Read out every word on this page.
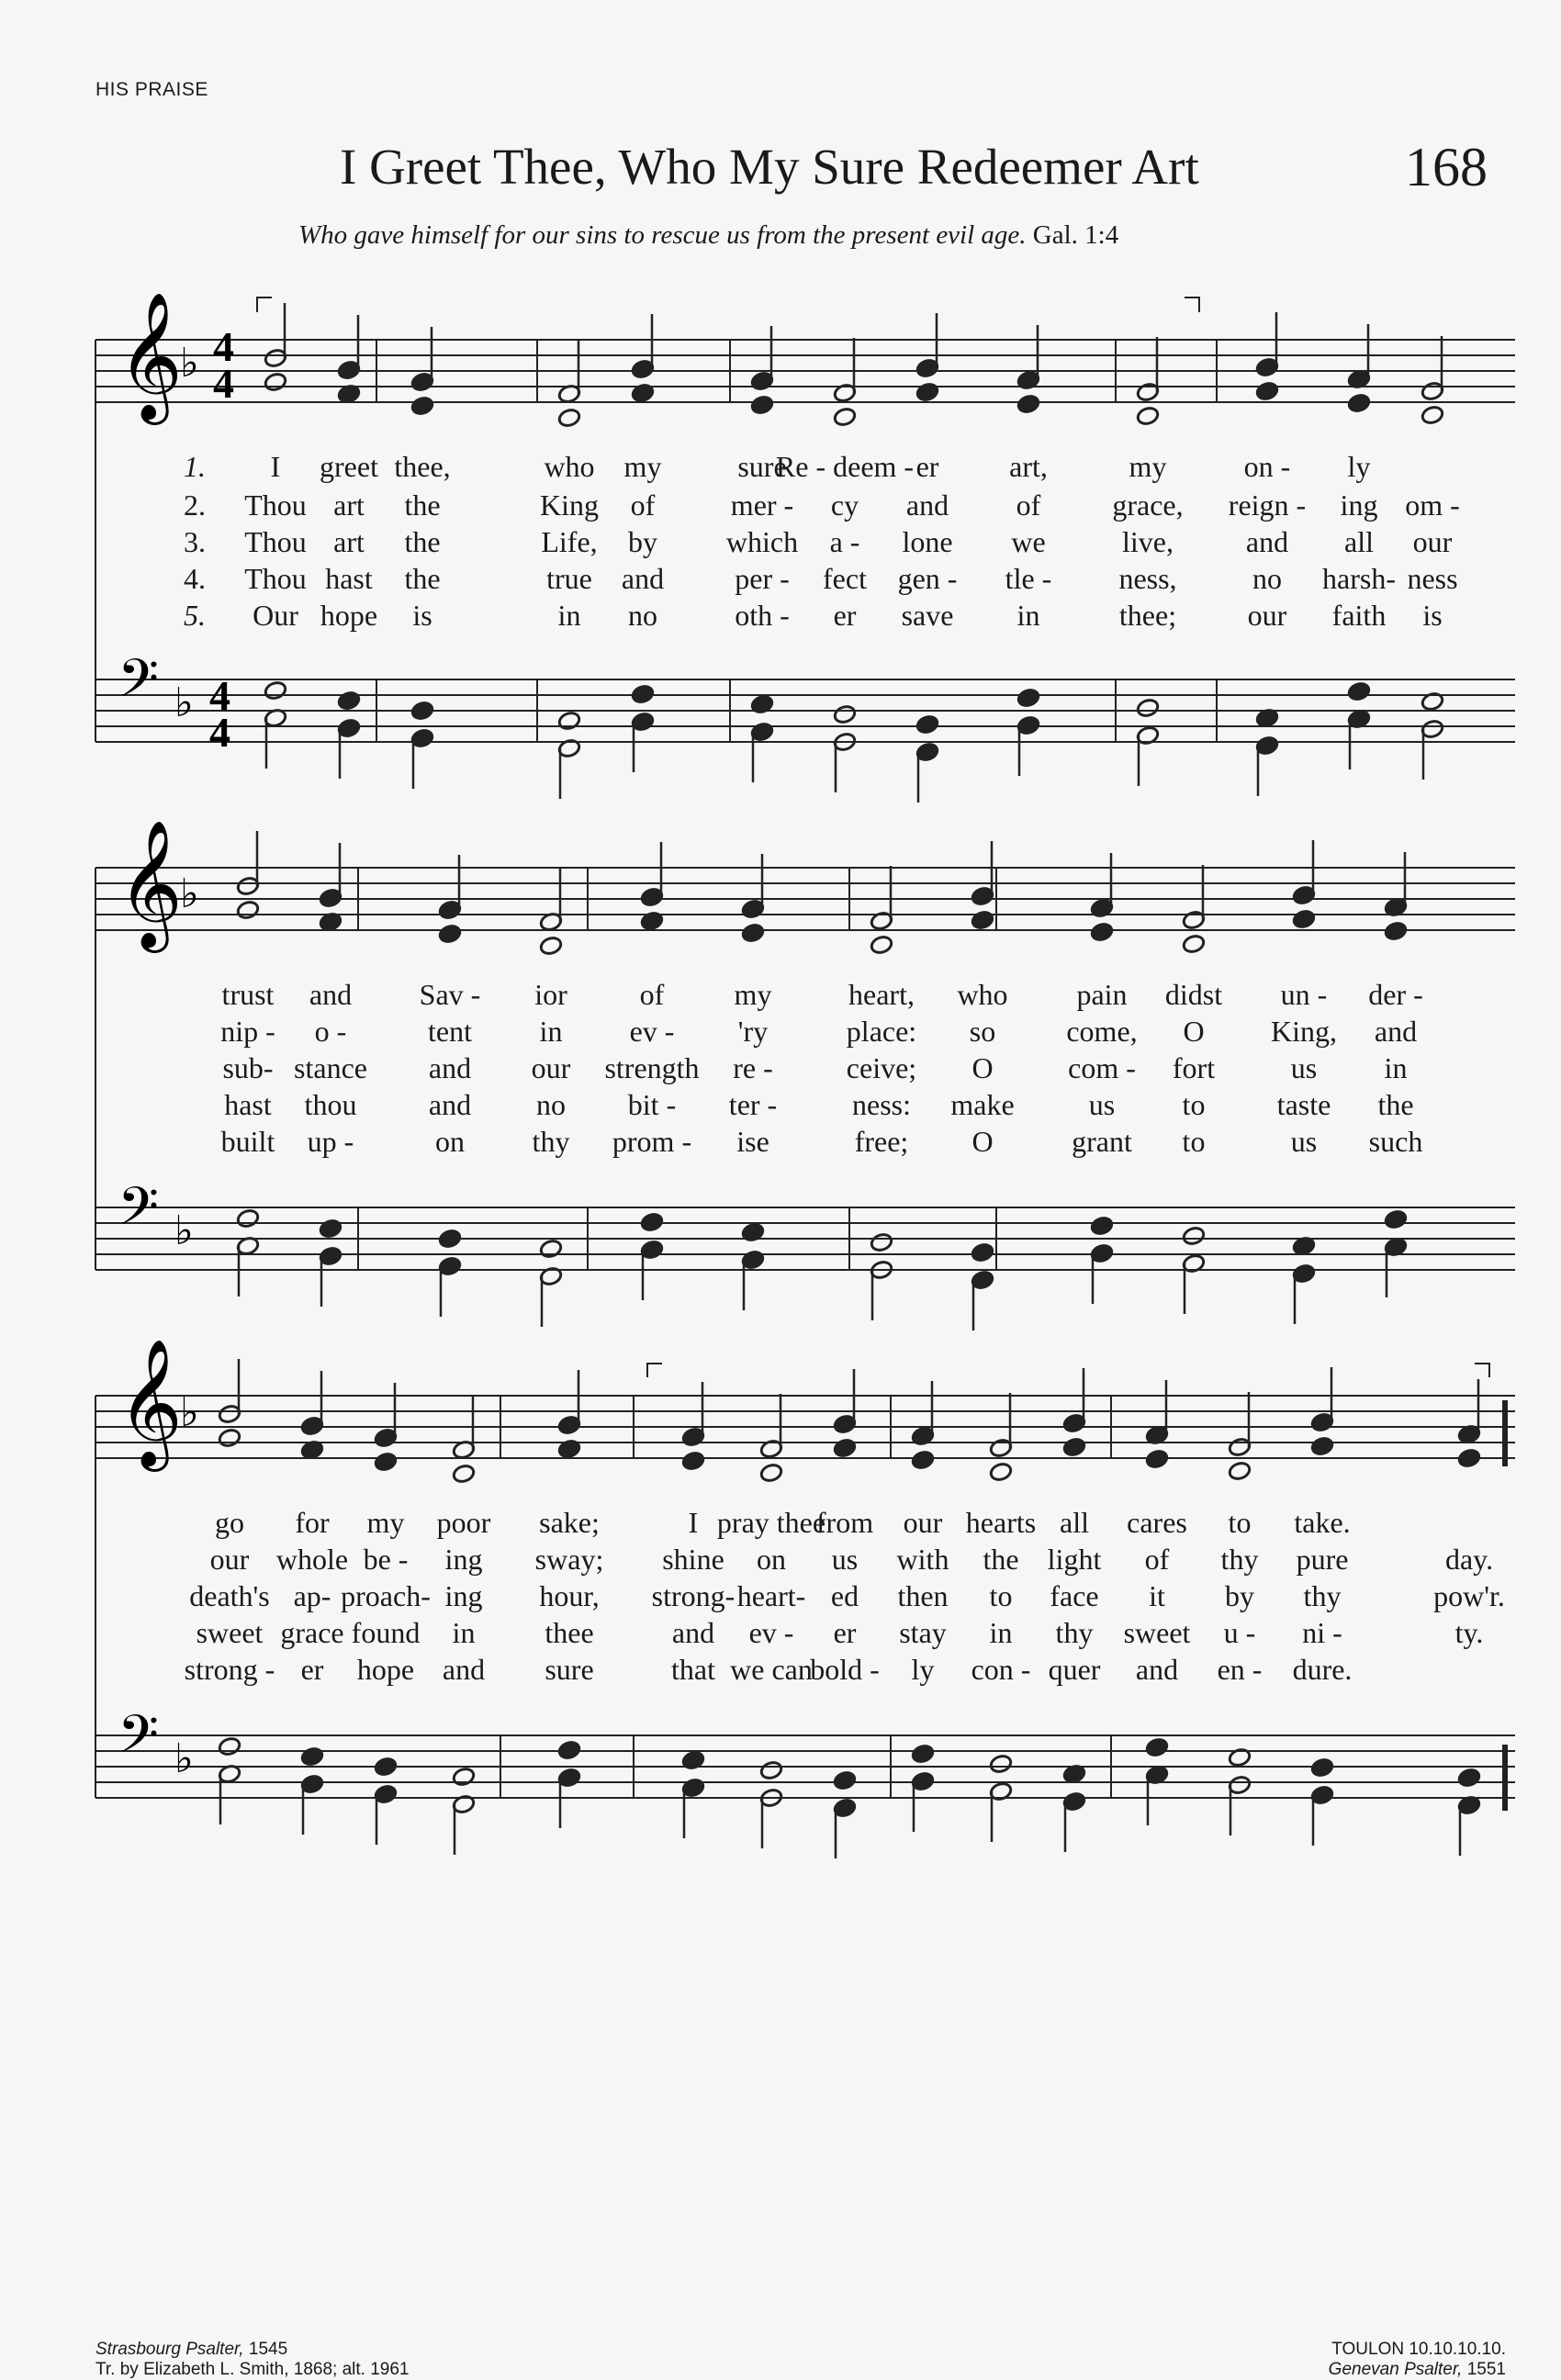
HIS PRAISE
I Greet Thee, Who My Sure Redeemer Art	168
Who gave himself for our sins to rescue us from the present evil age. Gal. 1:4
𝄞
𝄞
𝄞
𝄢
𝄢
𝄢
♭
♭
♭
♭
♭
♭
4
4
4
4
I greet thee,	who my	sure
Re - deem - er art,	my	on - ly
Thou art the	King of	mer - cy and of grace, reign - ing om -
Thou art the	Life, by which a - lone we	live, and all our
Thou hast the	true and per - fect gen - tle - ness,	no harsh- ness
Our hope is	in no	oth - er save in	thee; our faith is
trust and Sav - ior of my	heart, who pain didst un - der -
nip - o -	tent in ev - 'ry	place: so come, O King, and
sub- stance and our strength re -	ceive; O	com - fort	us in
hast thou and no bit - ter -	ness: make	us to taste the
built up -	on thy prom - ise	free; O	grant to	us such
go for my poor sake;	I pray thee
from our hearts all cares to take.
our whole be - ing sway; shine on us with the light of thy pure	day.
death's ap- proach- ing hour, strong- heart- ed then to face it by thy	pow'r.
sweet grace found in thee	and ev - er stay in thy sweet u - ni -	ty.
strong - er hope and sure	that we can
bold - ly con - quer and en - dure.
1.
2.
3.
4.
5.
Strasbourg Psalter, 1545
Tr. by Elizabeth L. Smith, 1868; alt. 1961
TOULON 10.10.10.10.
Genevan Psalter, 1551
